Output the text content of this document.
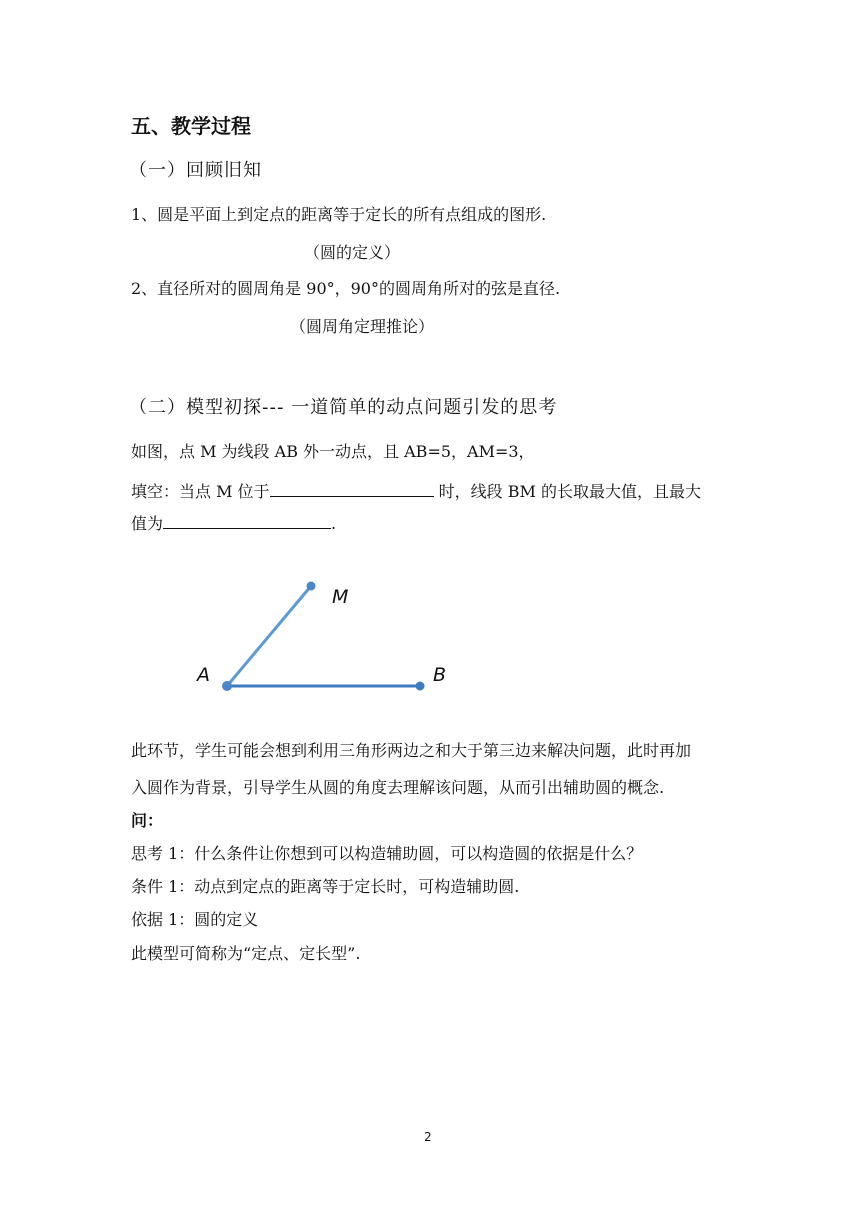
五、教学过程
（一）回顾旧知
1、圆是平面上到定点的距离等于定长的所有点组成的图形.
（圆的定义）
2、直径所对的圆周角是 90°，90°的圆周角所对的弦是直径.
（圆周角定理推论）
（二）模型初探--- 一道简单的动点问题引发的思考
如图，点 M 为线段 AB 外一动点，且 AB=5，AM=3，
填空：当点 M 位于	时，线段 BM 的长取最大值，且最大
值为	.
M
A	B
此环节，学生可能会想到利用三角形两边之和大于第三边来解决问题，此时再加
入圆作为背景，引导学生从圆的角度去理解该问题，从而引出辅助圆的概念.
问：
思考 1：什么条件让你想到可以构造辅助圆，可以构造圆的依据是什么？
条件 1：动点到定点的距离等于定长时，可构造辅助圆.
依据 1：圆的定义
此模型可简称为“定点、定长型”.
2
